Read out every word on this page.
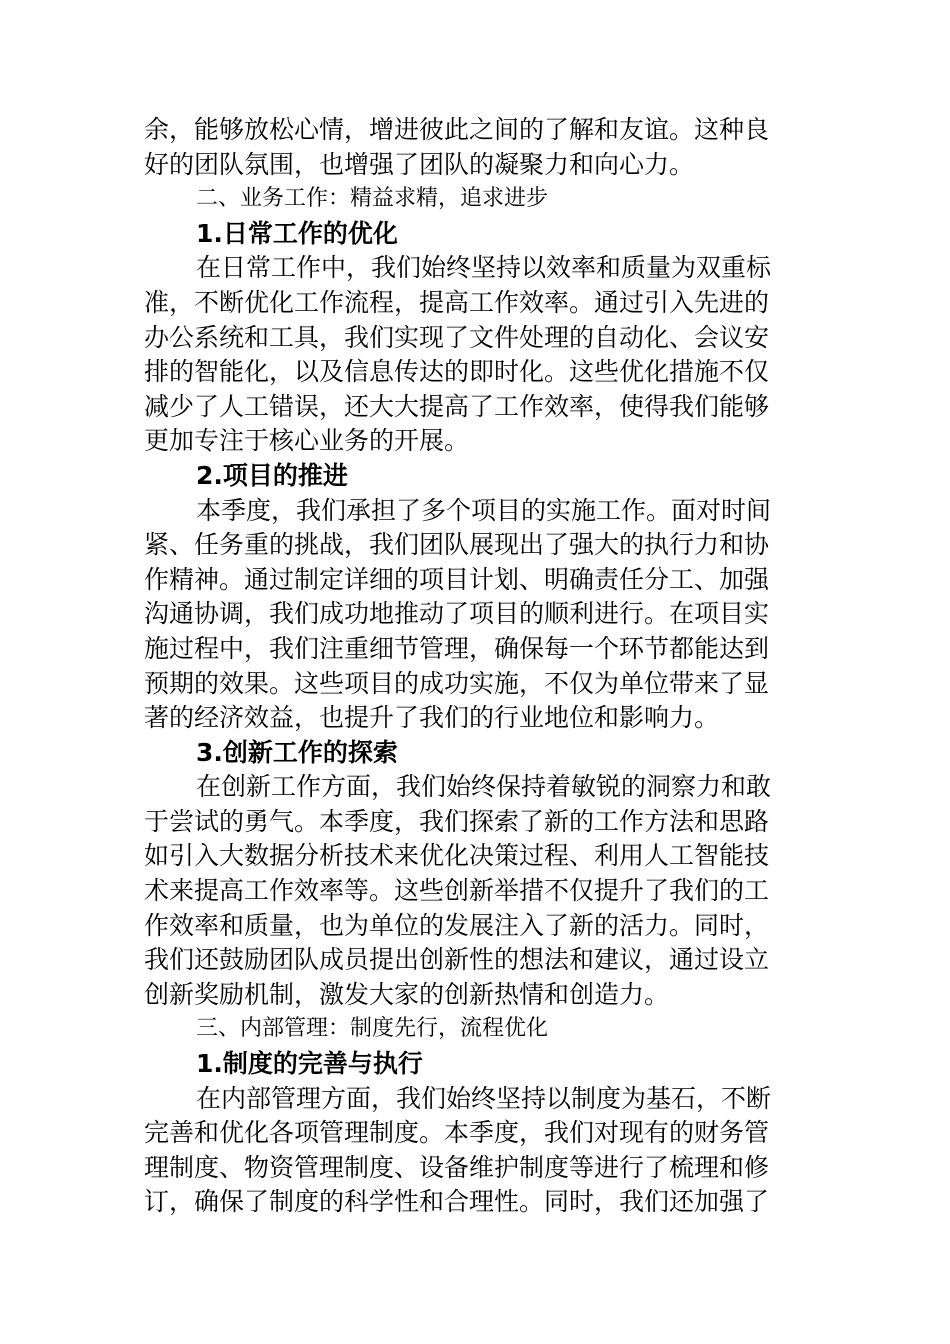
余，能够放松心情，增进彼此之间的了解和友谊。这种良
好的团队氛围，也增强了团队的凝聚力和向心力。
二、业务工作：精益求精，追求进步
1.日常工作的优化
在日常工作中，我们始终坚持以效率和质量为双重标
准，不断优化工作流程，提高工作效率。通过引入先进的
办公系统和工具，我们实现了文件处理的自动化、会议安
排的智能化，以及信息传达的即时化。这些优化措施不仅
减少了人工错误，还大大提高了工作效率，使得我们能够
更加专注于核心业务的开展。
2.项目的推进
本季度，我们承担了多个项目的实施工作。面对时间
紧、任务重的挑战，我们团队展现出了强大的执行力和协
作精神。通过制定详细的项目计划、明确责任分工、加强
沟通协调，我们成功地推动了项目的顺利进行。在项目实
施过程中，我们注重细节管理，确保每一个环节都能达到
预期的效果。这些项目的成功实施，不仅为单位带来了显
著的经济效益，也提升了我们的行业地位和影响力。
3.创新工作的探索
在创新工作方面，我们始终保持着敏锐的洞察力和敢
于尝试的勇气。本季度，我们探索了新的工作方法和思路
如引入大数据分析技术来优化决策过程、利用人工智能技
术来提高工作效率等。这些创新举措不仅提升了我们的工
作效率和质量，也为单位的发展注入了新的活力。同时，
我们还鼓励团队成员提出创新性的想法和建议，通过设立
创新奖励机制，激发大家的创新热情和创造力。
三、内部管理：制度先行，流程优化
1.制度的完善与执行
在内部管理方面，我们始终坚持以制度为基石，不断
完善和优化各项管理制度。本季度，我们对现有的财务管
理制度、物资管理制度、设备维护制度等进行了梳理和修
订，确保了制度的科学性和合理性。同时，我们还加强了
